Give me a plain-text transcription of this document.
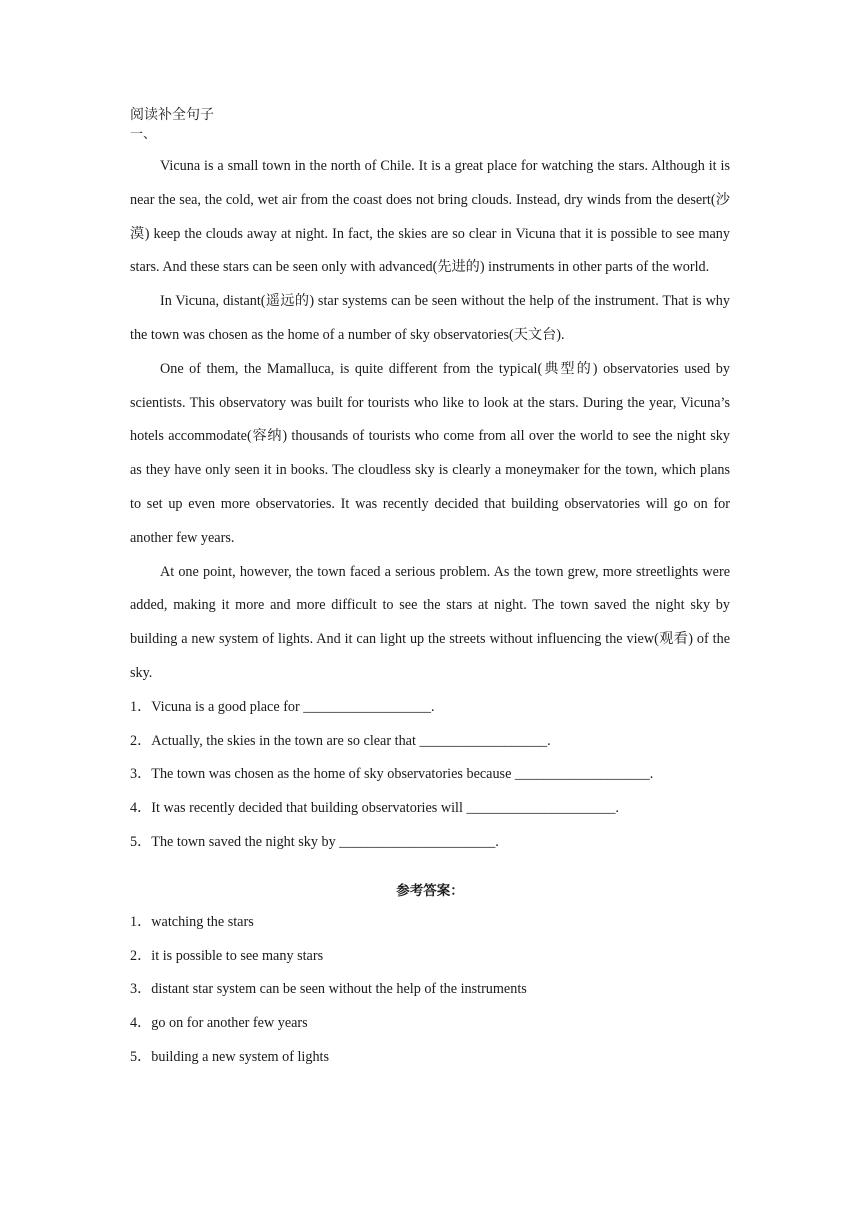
阅读补全句子

一、

Vicuna is a small town in the north of Chile. It is a great place for watching the stars. Although it is near the sea, the cold, wet air from the coast does not bring clouds. Instead, dry winds from the desert(沙漠) keep the clouds away at night. In fact, the skies are so clear in Vicuna that it is possible to see many stars. And these stars can be seen only with advanced(先进的) instruments in other parts of the world.

In Vicuna, distant(遥远的) star systems can be seen without the help of the instrument. That is why the town was chosen as the home of a number of sky observatories(天文台).

One of them, the Mamalluca, is quite different from the typical(典型的) observatories used by scientists. This observatory was built for tourists who like to look at the stars. During the year, Vicuna’s hotels accommodate(容纳) thousands of tourists who come from all over the world to see the night sky as they have only seen it in books. The cloudless sky is clearly a moneymaker for the town, which plans to set up even more observatories. It was recently decided that building observatories will go on for another few years.

At one point, however, the town faced a serious problem. As the town grew, more streetlights were added, making it more and more difficult to see the stars at night. The town saved the night sky by building a new system of lights. And it can light up the streets without influencing the view(观看) of the sky.

1．Vicuna is a good place for __________________.

2．Actually, the skies in the town are so clear that __________________.

3．The town was chosen as the home of sky observatories because ___________________.

4．It was recently decided that building observatories will _____________________.

5．The town saved the night sky by ______________________.

参考答案：

1．watching the stars

2．it is possible to see many stars

3．distant star system can be seen without the help of the instruments

4．go on for another few years

5．building a new system of lights
